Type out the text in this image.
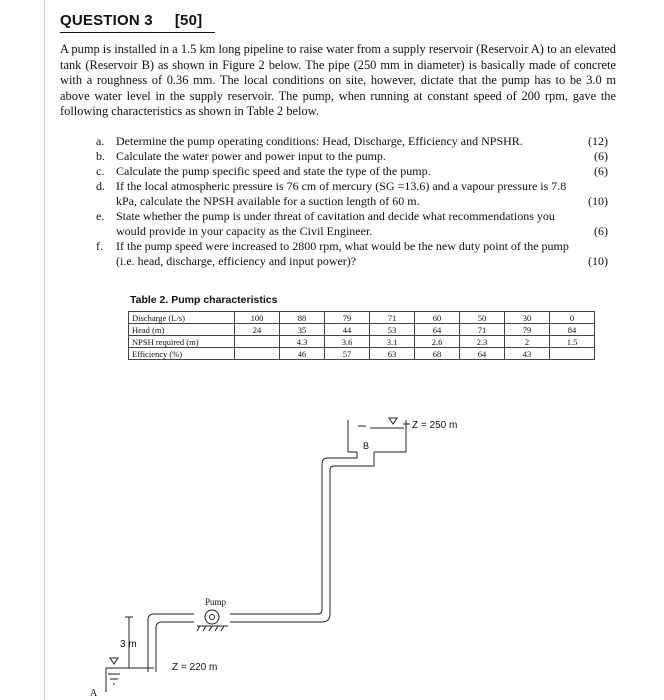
QUESTION 3 [50]

A pump is installed in a 1.5 km long pipeline to raise water from a supply reservoir (Reservoir A) to an elevated tank (Reservoir B) as shown in Figure 2 below. The pipe (250 mm in diameter) is basically made of concrete with a roughness of 0.36 mm. The local conditions on site, however, dictate that the pump has to be 3.0 m above water level in the supply reservoir. The pump, when running at constant speed of 200 rpm, gave the following characteristics as shown in Table 2 below.

a. Determine the pump operating conditions: Head, Discharge, Efficiency and NPSHR.	(12)
b. Calculate the water power and power input to the pump.	(6)
c. Calculate the pump specific speed and state the type of the pump.	(6)
d. If the local atmospheric pressure is 76 cm of mercury (SG =13.6) and a vapour pressure is 7.8
kPa, calculate the NPSH available for a suction length of 60 m.	(10)
e. State whether the pump is under threat of cavitation and decide what recommendations you
would provide in your capacity as the Civil Engineer.	(6)
f. If the pump speed were increased to 2800 rpm, what would be the new duty point of the pump
(i.e. head, discharge, efficiency and input power)?	(10)
Table 2. Pump characteristics
Discharge (L/s)	100	88	79	71	60	50	30	0
Head (m)	24	35	44	53	64	71	79	84
NPSH required (m)		4.3	3.6	3.1	2.6	2.3	2	1.5
Efficiency (%)		46	57	63	68	64	43	
B
Z = 250 m
Pump
3 m
Z = 220 m
A
